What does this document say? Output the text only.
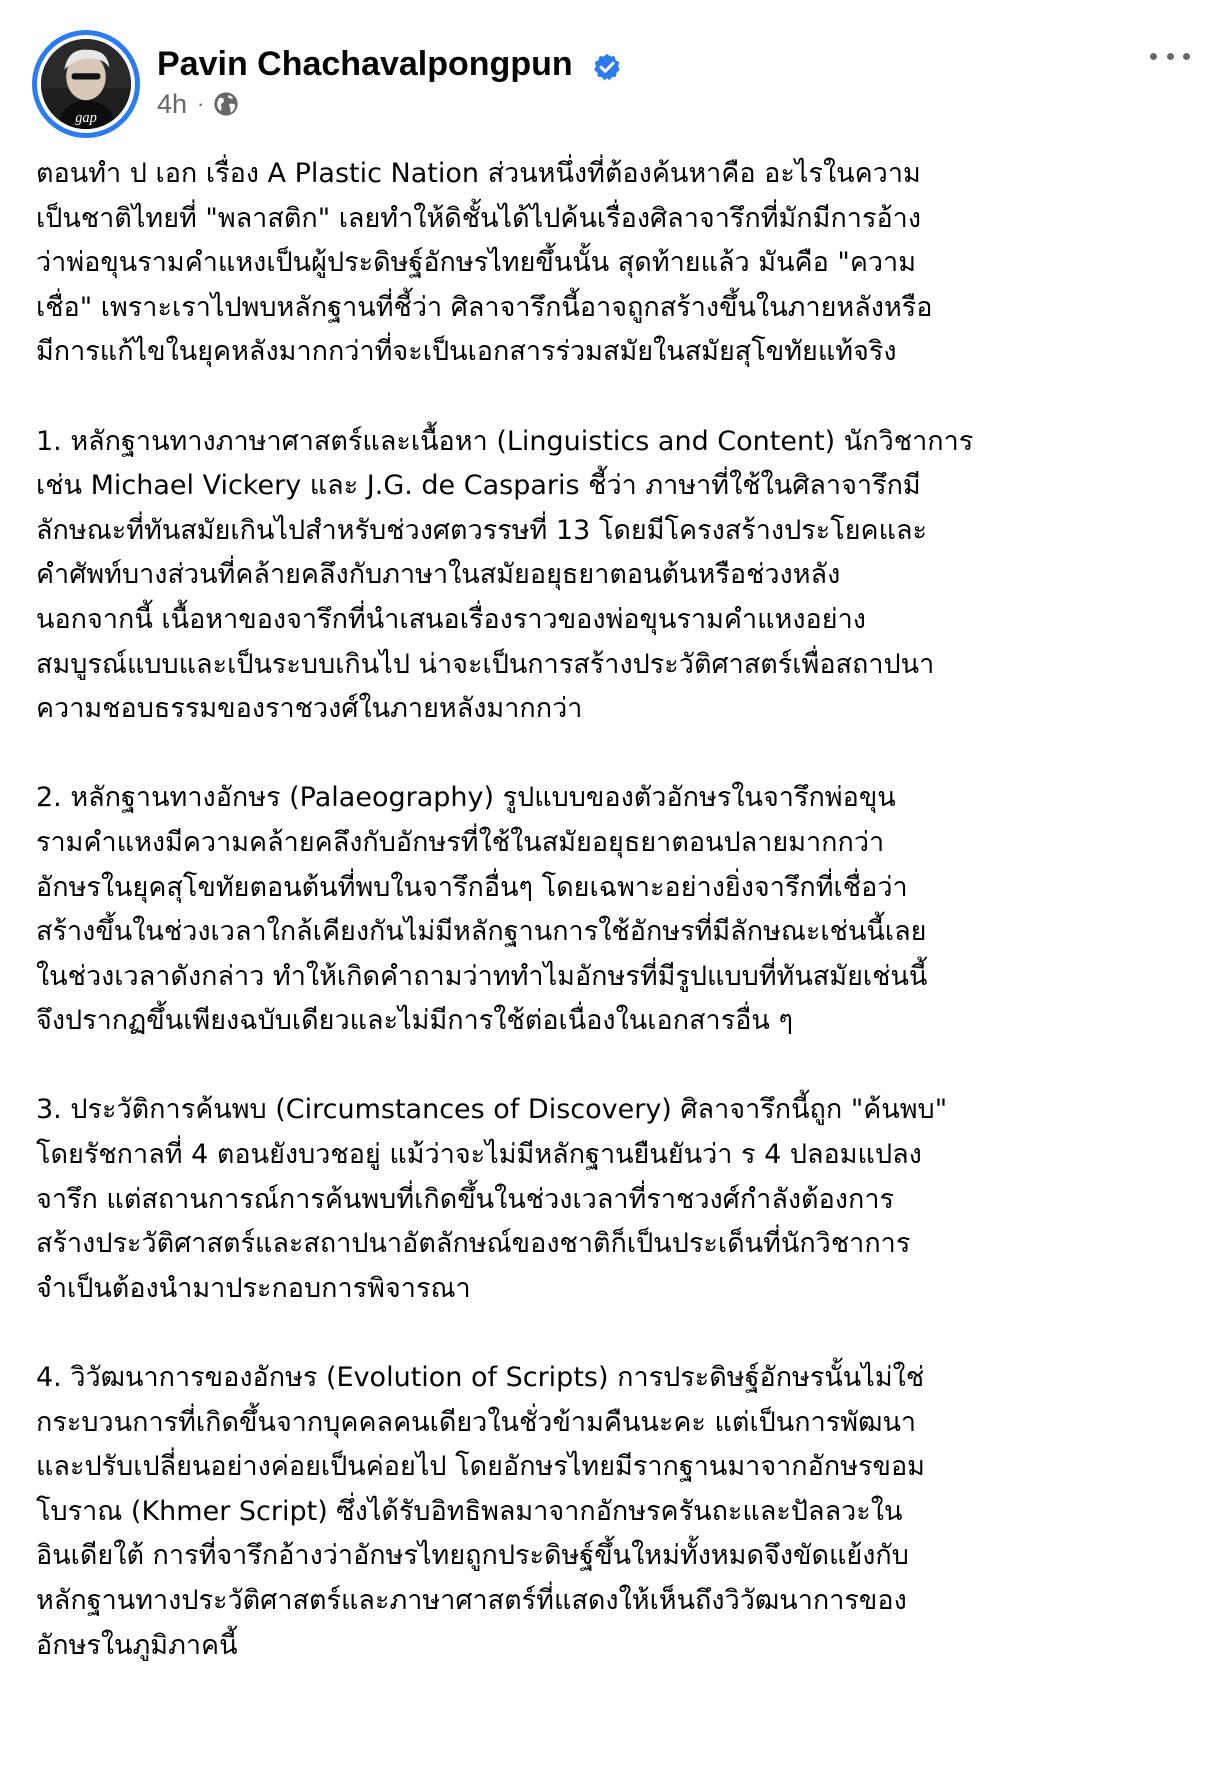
gap
Pavin Chachavalpongpun
4h ·

ตอนทำ ป เอก เรื่อง A Plastic Nation ส่วนหนึ่งที่ต้องค้นหาคือ อะไรในความ
เป็นชาติไทยที่ "พลาสติก" เลยทำให้ดิชั้นได้ไปค้นเรื่องศิลาจารึกที่มักมีการอ้าง
ว่าพ่อขุนรามคำแหงเป็นผู้ประดิษฐ์อักษรไทยขึ้นนั้น สุดท้ายแล้ว มันคือ "ความ
เชื่อ" เพราะเราไปพบหลักฐานที่ชี้ว่า ศิลาจารึกนี้อาจถูกสร้างขึ้นในภายหลังหรือ
มีการแก้ไขในยุคหลังมากกว่าที่จะเป็นเอกสารร่วมสมัยในสมัยสุโขทัยแท้จริง

1. หลักฐานทางภาษาศาสตร์และเนื้อหา (Linguistics and Content) นักวิชาการ
เช่น Michael Vickery และ J.G. de Casparis ชี้ว่า ภาษาที่ใช้ในศิลาจารึกมี
ลักษณะที่ทันสมัยเกินไปสำหรับช่วงศตวรรษที่ 13 โดยมีโครงสร้างประโยคและ
คำศัพท์บางส่วนที่คล้ายคลึงกับภาษาในสมัยอยุธยาตอนต้นหรือช่วงหลัง
นอกจากนี้ เนื้อหาของจารึกที่นำเสนอเรื่องราวของพ่อขุนรามคำแหงอย่าง
สมบูรณ์แบบและเป็นระบบเกินไป น่าจะเป็นการสร้างประวัติศาสตร์เพื่อสถาปนา
ความชอบธรรมของราชวงศ์ในภายหลังมากกว่า

2. หลักฐานทางอักษร (Palaeography) รูปแบบของตัวอักษรในจารึกพ่อขุน
รามคำแหงมีความคล้ายคลึงกับอักษรที่ใช้ในสมัยอยุธยาตอนปลายมากกว่า
อักษรในยุคสุโขทัยตอนต้นที่พบในจารึกอื่นๆ โดยเฉพาะอย่างยิ่งจารึกที่เชื่อว่า
สร้างขึ้นในช่วงเวลาใกล้เคียงกันไม่มีหลักฐานการใช้อักษรที่มีลักษณะเช่นนี้เลย
ในช่วงเวลาดังกล่าว ทำให้เกิดคำถามว่าททำไมอักษรที่มีรูปแบบที่ทันสมัยเช่นนี้
จึงปรากฏขึ้นเพียงฉบับเดียวและไม่มีการใช้ต่อเนื่องในเอกสารอื่น ๆ

3. ประวัติการค้นพบ (Circumstances of Discovery) ศิลาจารึกนี้ถูก "ค้นพบ"
โดยรัชกาลที่ 4 ตอนยังบวชอยู่ แม้ว่าจะไม่มีหลักฐานยืนยันว่า ร 4 ปลอมแปลง
จารึก แต่สถานการณ์การค้นพบที่เกิดขึ้นในช่วงเวลาที่ราชวงศ์กำลังต้องการ
สร้างประวัติศาสตร์และสถาปนาอัตลักษณ์ของชาติก็เป็นประเด็นที่นักวิชาการ
จำเป็นต้องนำมาประกอบการพิจารณา

4. วิวัฒนาการของอักษร (Evolution of Scripts) การประดิษฐ์อักษรนั้นไม่ใช่
กระบวนการที่เกิดขึ้นจากบุคคลคนเดียวในชั่วข้ามคืนนะคะ แต่เป็นการพัฒนา
และปรับเปลี่ยนอย่างค่อยเป็นค่อยไป โดยอักษรไทยมีรากฐานมาจากอักษรขอม
โบราณ (Khmer Script) ซึ่งได้รับอิทธิพลมาจากอักษรครันถะและปัลลวะใน
อินเดียใต้ การที่จารึกอ้างว่าอักษรไทยถูกประดิษฐ์ขึ้นใหม่ทั้งหมดจึงขัดแย้งกับ
หลักฐานทางประวัติศาสตร์และภาษาศาสตร์ที่แสดงให้เห็นถึงวิวัฒนาการของ
อักษรในภูมิภาคนี้
